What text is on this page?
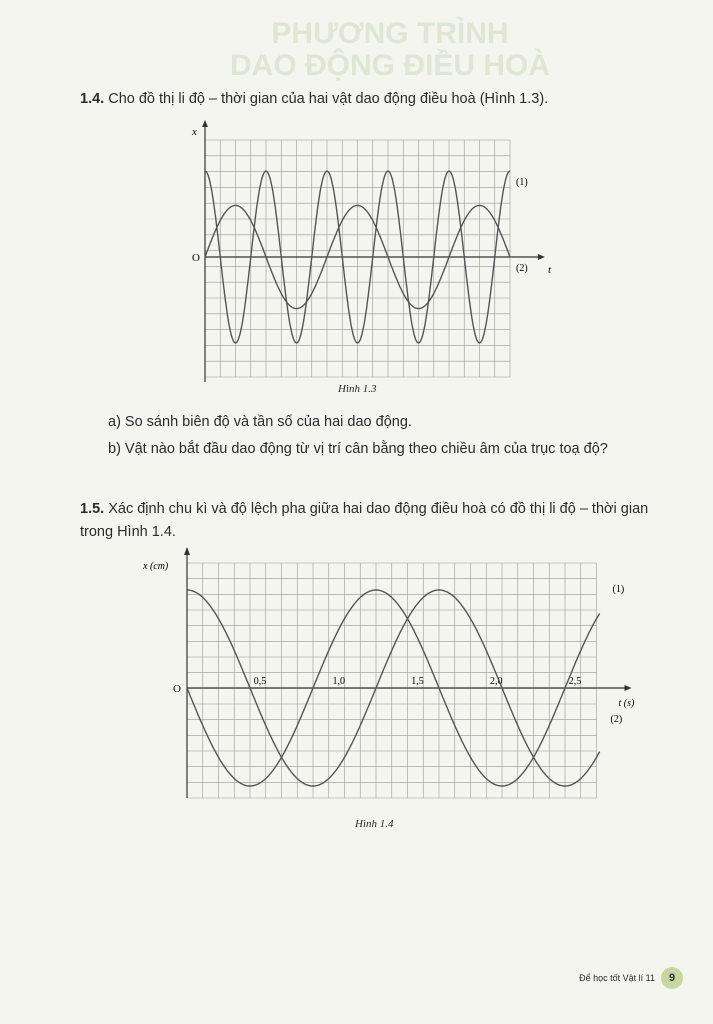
PHƯƠNG TRÌNH
DAO ĐỘNG ĐIỀU HOÀ
1.4. Cho đồ thị li độ – thời gian của hai vật dao động điều hoà (Hình 1.3).
x
O
t
(1)
(2)
Hình 1.3
a) So sánh biên độ và tần số của hai dao động.
b) Vật nào bắt đầu dao động từ vị trí cân bằng theo chiều âm của trục toạ độ?
1.5. Xác định chu kì và độ lệch pha giữa hai dao động điều hoà có đồ thị li độ – thời gian
trong Hình 1.4.
x (cm)
O
t (s)
0,5	1,0	1,5	2,0	2,5
(1)
(2)
Hình 1.4
Để học tốt Vật lí 11	9
